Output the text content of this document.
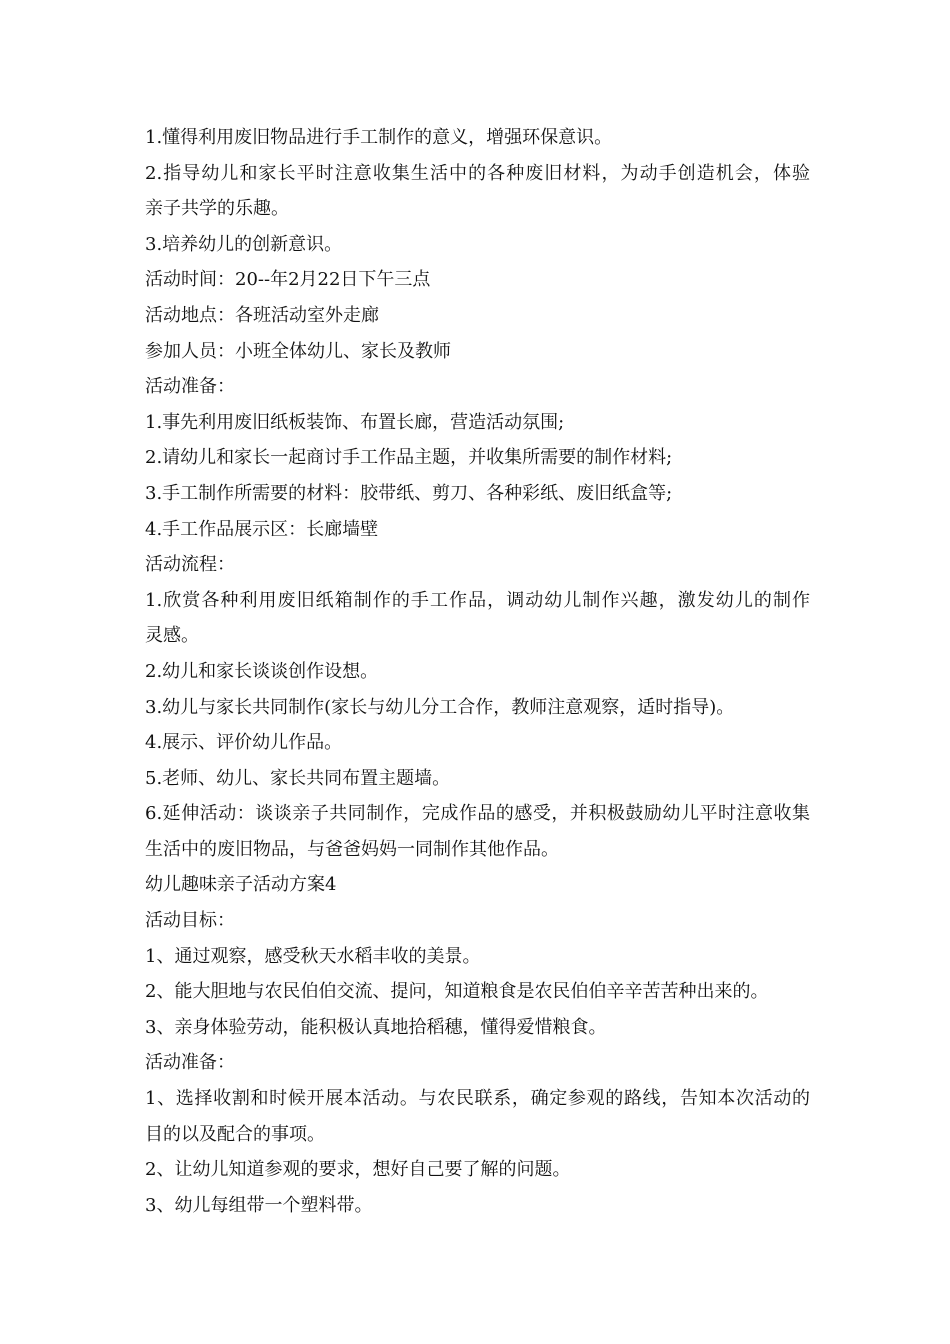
1.懂得利用废旧物品进行手工制作的意义，增强环保意识。

2.指导幼儿和家长平时注意收集生活中的各种废旧材料，为动手创造机会，体验

亲子共学的乐趣。

3.培养幼儿的创新意识。

活动时间：20--年2月22日下午三点

活动地点：各班活动室外走廊

参加人员：小班全体幼儿、家长及教师

活动准备：

1.事先利用废旧纸板装饰、布置长廊，营造活动氛围;

2.请幼儿和家长一起商讨手工作品主题，并收集所需要的制作材料;

3.手工制作所需要的材料：胶带纸、剪刀、各种彩纸、废旧纸盒等;

4.手工作品展示区：长廊墙壁

活动流程：

1.欣赏各种利用废旧纸箱制作的手工作品，调动幼儿制作兴趣，激发幼儿的制作

灵感。

2.幼儿和家长谈谈创作设想。

3.幼儿与家长共同制作(家长与幼儿分工合作，教师注意观察，适时指导)。

4.展示、评价幼儿作品。

5.老师、幼儿、家长共同布置主题墙。

6.延伸活动：谈谈亲子共同制作，完成作品的感受，并积极鼓励幼儿平时注意收集

生活中的废旧物品，与爸爸妈妈一同制作其他作品。

幼儿趣味亲子活动方案4

活动目标：

1、通过观察，感受秋天水稻丰收的美景。

2、能大胆地与农民伯伯交流、提问，知道粮食是农民伯伯辛辛苦苦种出来的。

3、亲身体验劳动，能积极认真地拾稻穗，懂得爱惜粮食。

活动准备：

1、选择收割和时候开展本活动。与农民联系，确定参观的路线，告知本次活动的

目的以及配合的事项。

2、让幼儿知道参观的要求，想好自己要了解的问题。

3、幼儿每组带一个塑料带。
